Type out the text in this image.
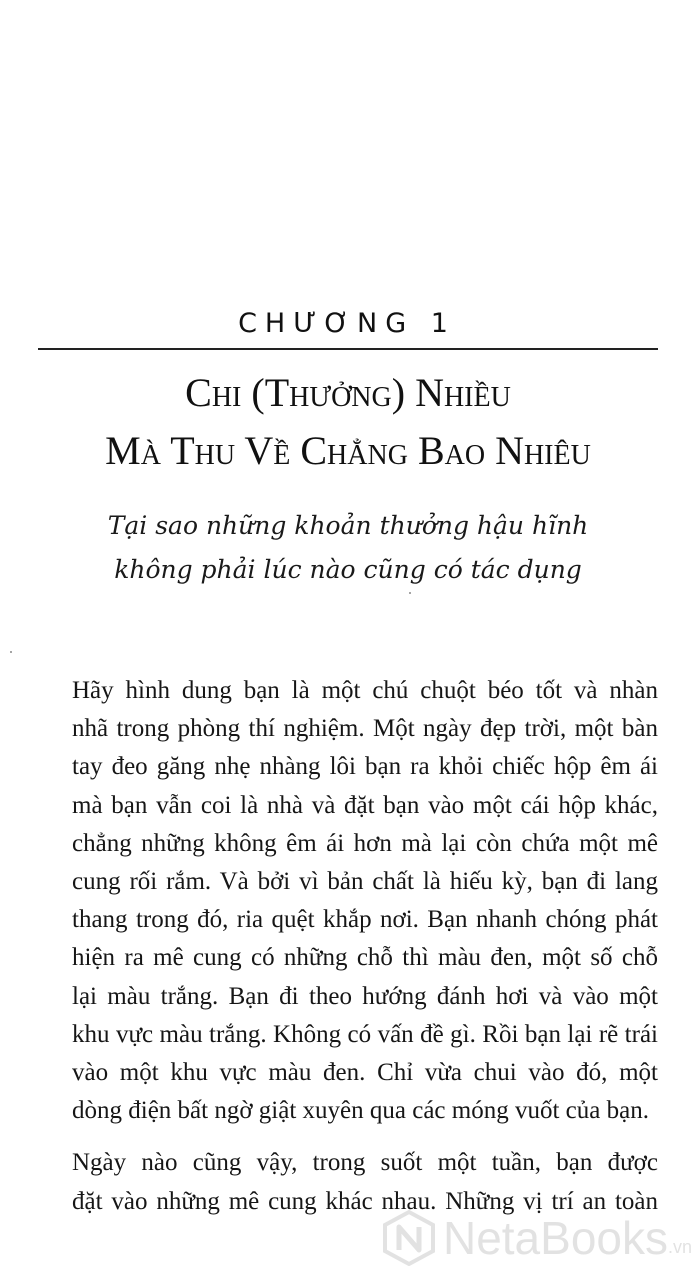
CHƯƠNG 1
Chi (Thưởng) Nhiều
Mà Thu Về Chẳng Bao Nhiêu
Tại sao những khoản thưởng hậu hĩnh
không phải lúc nào cũng có tác dụng
Hãy hình dung bạn là một chú chuột béo tốt và nhàn
nhã trong phòng thí nghiệm. Một ngày đẹp trời, một bàn
tay đeo găng nhẹ nhàng lôi bạn ra khỏi chiếc hộp êm ái
mà bạn vẫn coi là nhà và đặt bạn vào một cái hộp khác,
chẳng những không êm ái hơn mà lại còn chứa một mê
cung rối rắm. Và bởi vì bản chất là hiếu kỳ, bạn đi lang
thang trong đó, ria quệt khắp nơi. Bạn nhanh chóng phát
hiện ra mê cung có những chỗ thì màu đen, một số chỗ
lại màu trắng. Bạn đi theo hướng đánh hơi và vào một
khu vực màu trắng. Không có vấn đề gì. Rồi bạn lại rẽ trái
vào một khu vực màu đen. Chỉ vừa chui vào đó, một
dòng điện bất ngờ giật xuyên qua các móng vuốt của bạn.
Ngày nào cũng vậy, trong suốt một tuần, bạn được
đặt vào những mê cung khác nhau. Những vị trí an toàn
NetaBooks .vn
